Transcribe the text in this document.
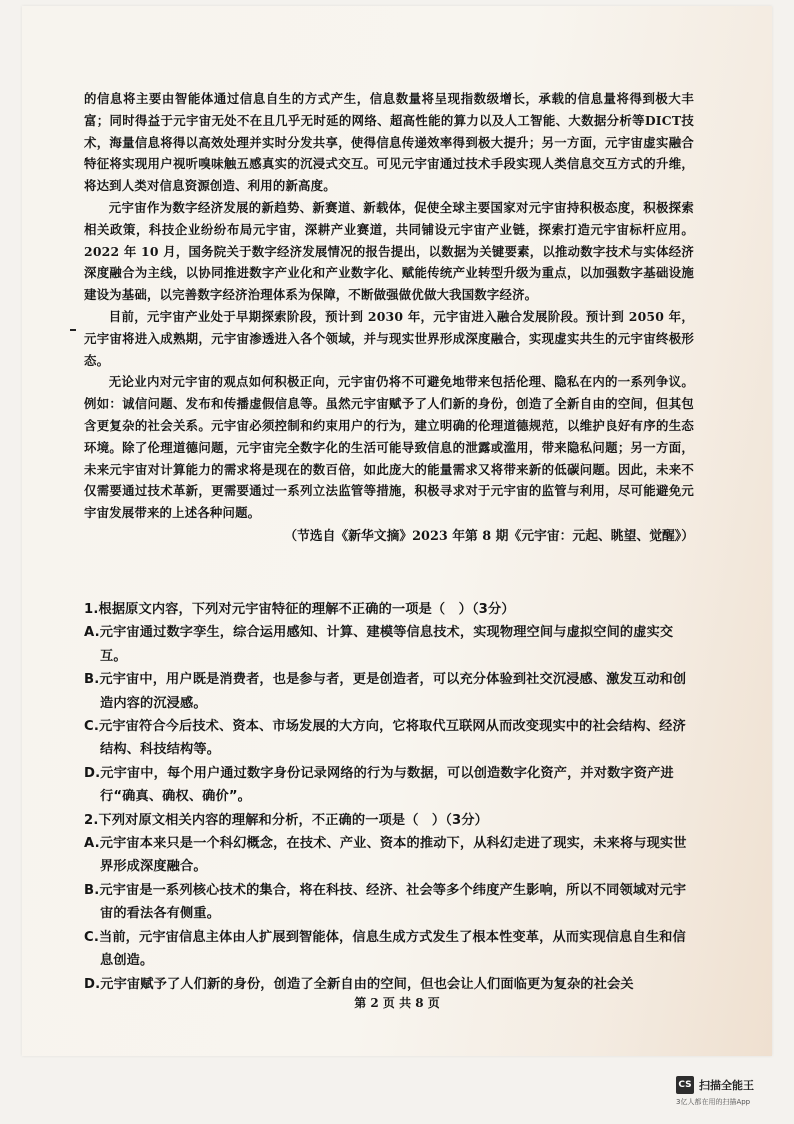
的信息将主要由智能体通过信息自生的方式产生，信息数量将呈现指数级增长，承载的信息量将得到极大丰富；同时得益于元宇宙无处不在且几乎无时延的网络、超高性能的算力以及人工智能、大数据分析等DICT技术，海量信息将得以高效处理并实时分发共享，使得信息传递效率得到极大提升；另一方面，元宇宙虚实融合特征将实现用户视听嗅味触五感真实的沉浸式交互。可见元宇宙通过技术手段实现人类信息交互方式的升维，将达到人类对信息资源创造、利用的新高度。

元宇宙作为数字经济发展的新趋势、新赛道、新载体，促使全球主要国家对元宇宙持积极态度，积极探索相关政策，科技企业纷纷布局元宇宙，深耕产业赛道，共同铺设元宇宙产业链，探索打造元宇宙标杆应用。2022 年 10 月，国务院关于数字经济发展情况的报告提出，以数据为关键要素，以推动数字技术与实体经济深度融合为主线，以协同推进数字产业化和产业数字化、赋能传统产业转型升级为重点，以加强数字基础设施建设为基础，以完善数字经济治理体系为保障，不断做强做优做大我国数字经济。

目前，元宇宙产业处于早期探索阶段，预计到 2030 年，元宇宙进入融合发展阶段。预计到 2050 年，元宇宙将进入成熟期，元宇宙渗透进入各个领域，并与现实世界形成深度融合，实现虚实共生的元宇宙终极形态。

无论业内对元宇宙的观点如何积极正向，元宇宙仍将不可避免地带来包括伦理、隐私在内的一系列争议。例如：诚信问题、发布和传播虚假信息等。虽然元宇宙赋予了人们新的身份，创造了全新自由的空间，但其包含更复杂的社会关系。元宇宙必须控制和约束用户的行为，建立明确的伦理道德规范，以维护良好有序的生态环境。除了伦理道德问题，元宇宙完全数字化的生活可能导致信息的泄露或滥用，带来隐私问题；另一方面，未来元宇宙对计算能力的需求将是现在的数百倍，如此庞大的能量需求又将带来新的低碳问题。因此，未来不仅需要通过技术革新，更需要通过一系列立法监管等措施，积极寻求对于元宇宙的监管与利用，尽可能避免元宇宙发展带来的上述各种问题。

（节选自《新华文摘》2023 年第 8 期《元宇宙：元起、眺望、觉醒》）

1.根据原文内容，下列对元宇宙特征的理解不正确的一项是（　）（3分）

A.元宇宙通过数字孪生，综合运用感知、计算、建模等信息技术，实现物理空间与虚拟空间的虚实交互。

B.元宇宙中，用户既是消费者，也是参与者，更是创造者，可以充分体验到社交沉浸感、激发互动和创造内容的沉浸感。

C.元宇宙符合今后技术、资本、市场发展的大方向，它将取代互联网从而改变现实中的社会结构、经济结构、科技结构等。

D.元宇宙中，每个用户通过数字身份记录网络的行为与数据，可以创造数字化资产，并对数字资产进行“确真、确权、确价”。

2.下列对原文相关内容的理解和分析，不正确的一项是（　）（3分）

A.元宇宙本来只是一个科幻概念，在技术、产业、资本的推动下，从科幻走进了现实，未来将与现实世界形成深度融合。

B.元宇宙是一系列核心技术的集合，将在科技、经济、社会等多个纬度产生影响，所以不同领域对元宇宙的看法各有侧重。

C.当前，元宇宙信息主体由人扩展到智能体，信息生成方式发生了根本性变革，从而实现信息自生和信息创造。

D.元宇宙赋予了人们新的身份，创造了全新自由的空间，但也会让人们面临更为复杂的社会关

第 2 页 共 8 页
CS 扫描全能王
3亿人都在用的扫描App
